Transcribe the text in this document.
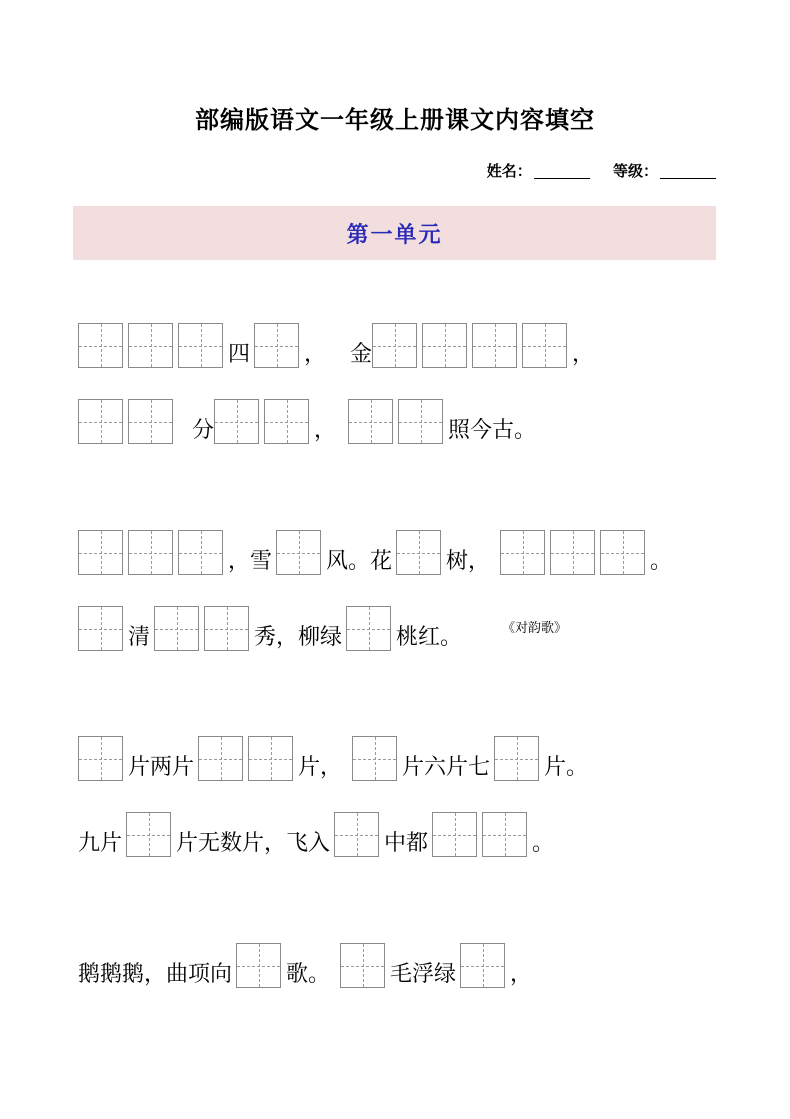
部编版语文一年级上册课文内容填空
姓名：	等级：
第一单元
四 ， 金	，
分	，	照今古。
，雪 风。花 树，	。
清	秀，柳绿 桃红。	《对韵歌》
片两片	片，	片六片七 片。
九片 片无数片，飞入 中都	。
鹅鹅鹅，曲项向 歌。	毛浮绿 ，
